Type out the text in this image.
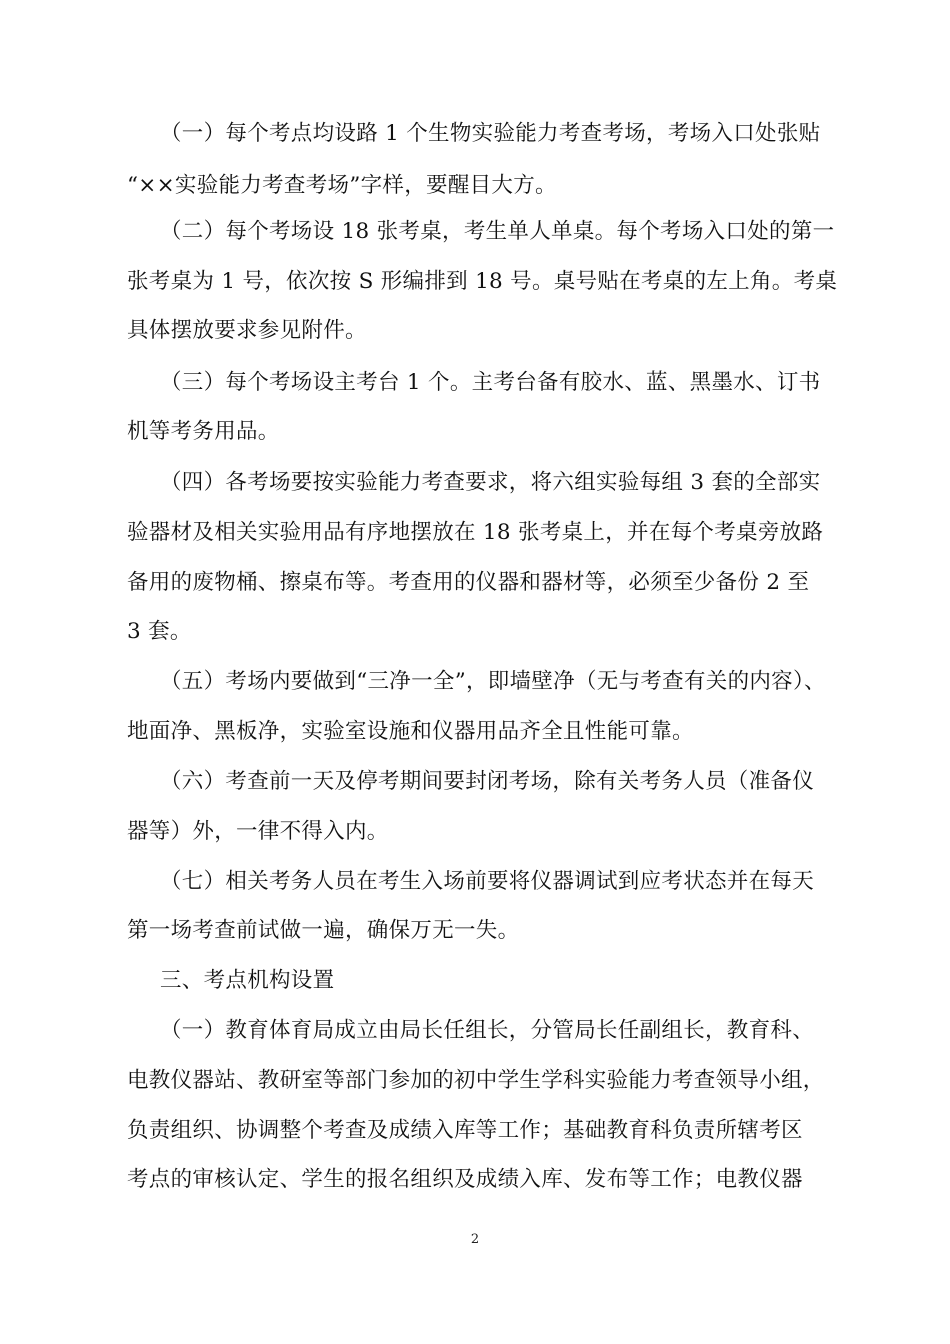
（一）每个考点均设路 1 个生物实验能力考查考场，考场入口处张贴
“××实验能力考查考场”字样，要醒目大方。
（二）每个考场设 18 张考桌，考生单人单桌。每个考场入口处的第一
张考桌为 1 号，依次按 S 形编排到 18 号。桌号贴在考桌的左上角。考桌
具体摆放要求参见附件。
（三）每个考场设主考台 1 个。主考台备有胶水、蓝、黑墨水、订书
机等考务用品。
（四）各考场要按实验能力考查要求，将六组实验每组 3 套的全部实
验器材及相关实验用品有序地摆放在 18 张考桌上，并在每个考桌旁放路
备用的废物桶、擦桌布等。考查用的仪器和器材等，必须至少备份 2 至
3 套。
（五）考场内要做到“三净一全”，即墙壁净（无与考查有关的内容）、
地面净、黑板净，实验室设施和仪器用品齐全且性能可靠。
（六）考查前一天及停考期间要封闭考场，除有关考务人员（准备仪
器等）外，一律不得入内。
（七）相关考务人员在考生入场前要将仪器调试到应考状态并在每天
第一场考查前试做一遍，确保万无一失。
三、考点机构设置
（一）教育体育局成立由局长任组长，分管局长任副组长，教育科、
电教仪器站、教研室等部门参加的初中学生学科实验能力考查领导小组，
负责组织、协调整个考查及成绩入库等工作；基础教育科负责所辖考区
考点的审核认定、学生的报名组织及成绩入库、发布等工作；电教仪器
2
